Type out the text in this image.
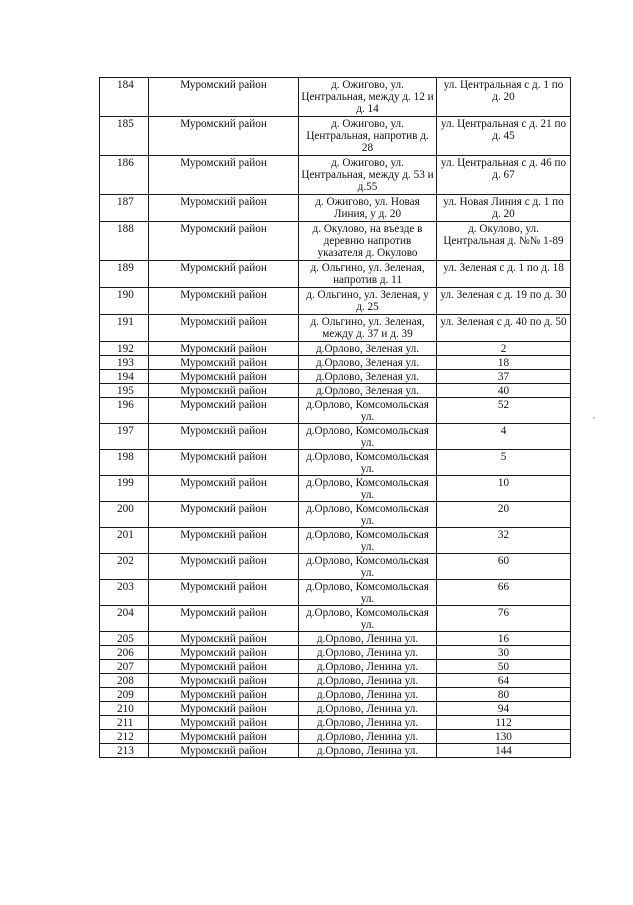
184	Муромский район	д. Ожигово, ул. Центральная, между д. 12 и д. 14	ул. Центральная с д. 1 по д. 20
185	Муромский район	д. Ожигово, ул. Центральная, напротив д. 28	ул. Центральная с д. 21 по д. 45
186	Муромский район	д. Ожигово, ул. Центральная, между д. 53 и д.55	ул. Центральная с д. 46 по д. 67
187	Муромский район	д. Ожигово, ул. Новая Линия, у д. 20	ул. Новая Линия с д. 1 по д. 20
188	Муромский район	д. Окулово, на въезде в деревню напротив указателя д. Окулово	д. Окулово, ул. Центральная д. №№ 1-89
189	Муромский район	д. Ольгино, ул. Зеленая, напротив д. 11	ул. Зеленая с д. 1 по д. 18
190	Муромский район	д. Ольгино, ул. Зеленая, у д. 25	ул. Зеленая с д. 19 по д. 30
191	Муромский район	д. Ольгино, ул. Зеленая, между д. 37 и д. 39	ул. Зеленая с д. 40 по д. 50
192	Муромский район	д.Орлово, Зеленая ул.	2
193	Муромский район	д.Орлово, Зеленая ул.	18
194	Муромский район	д.Орлово, Зеленая ул.	37
195	Муромский район	д.Орлово, Зеленая ул.	40
196	Муромский район	д.Орлово, Комсомольская ул.	52
197	Муромский район	д.Орлово, Комсомольская ул.	4
198	Муромский район	д.Орлово, Комсомольская ул.	5
199	Муромский район	д.Орлово, Комсомольская ул.	10
200	Муромский район	д.Орлово, Комсомольская ул.	20
201	Муромский район	д.Орлово, Комсомольская ул.	32
202	Муромский район	д.Орлово, Комсомольская ул.	60
203	Муромский район	д.Орлово, Комсомольская ул.	66
204	Муромский район	д.Орлово, Комсомольская ул.	76
205	Муромский район	д.Орлово, Ленина ул.	16
206	Муромский район	д.Орлово, Ленина ул.	30
207	Муромский район	д.Орлово, Ленина ул.	50
208	Муромский район	д.Орлово, Ленина ул.	64
209	Муромский район	д.Орлово, Ленина ул.	80
210	Муромский район	д.Орлово, Ленина ул.	94
211	Муромский район	д.Орлово, Ленина ул.	112
212	Муромский район	д.Орлово, Ленина ул.	130
213	Муромский район	д.Орлово, Ленина ул.	144
